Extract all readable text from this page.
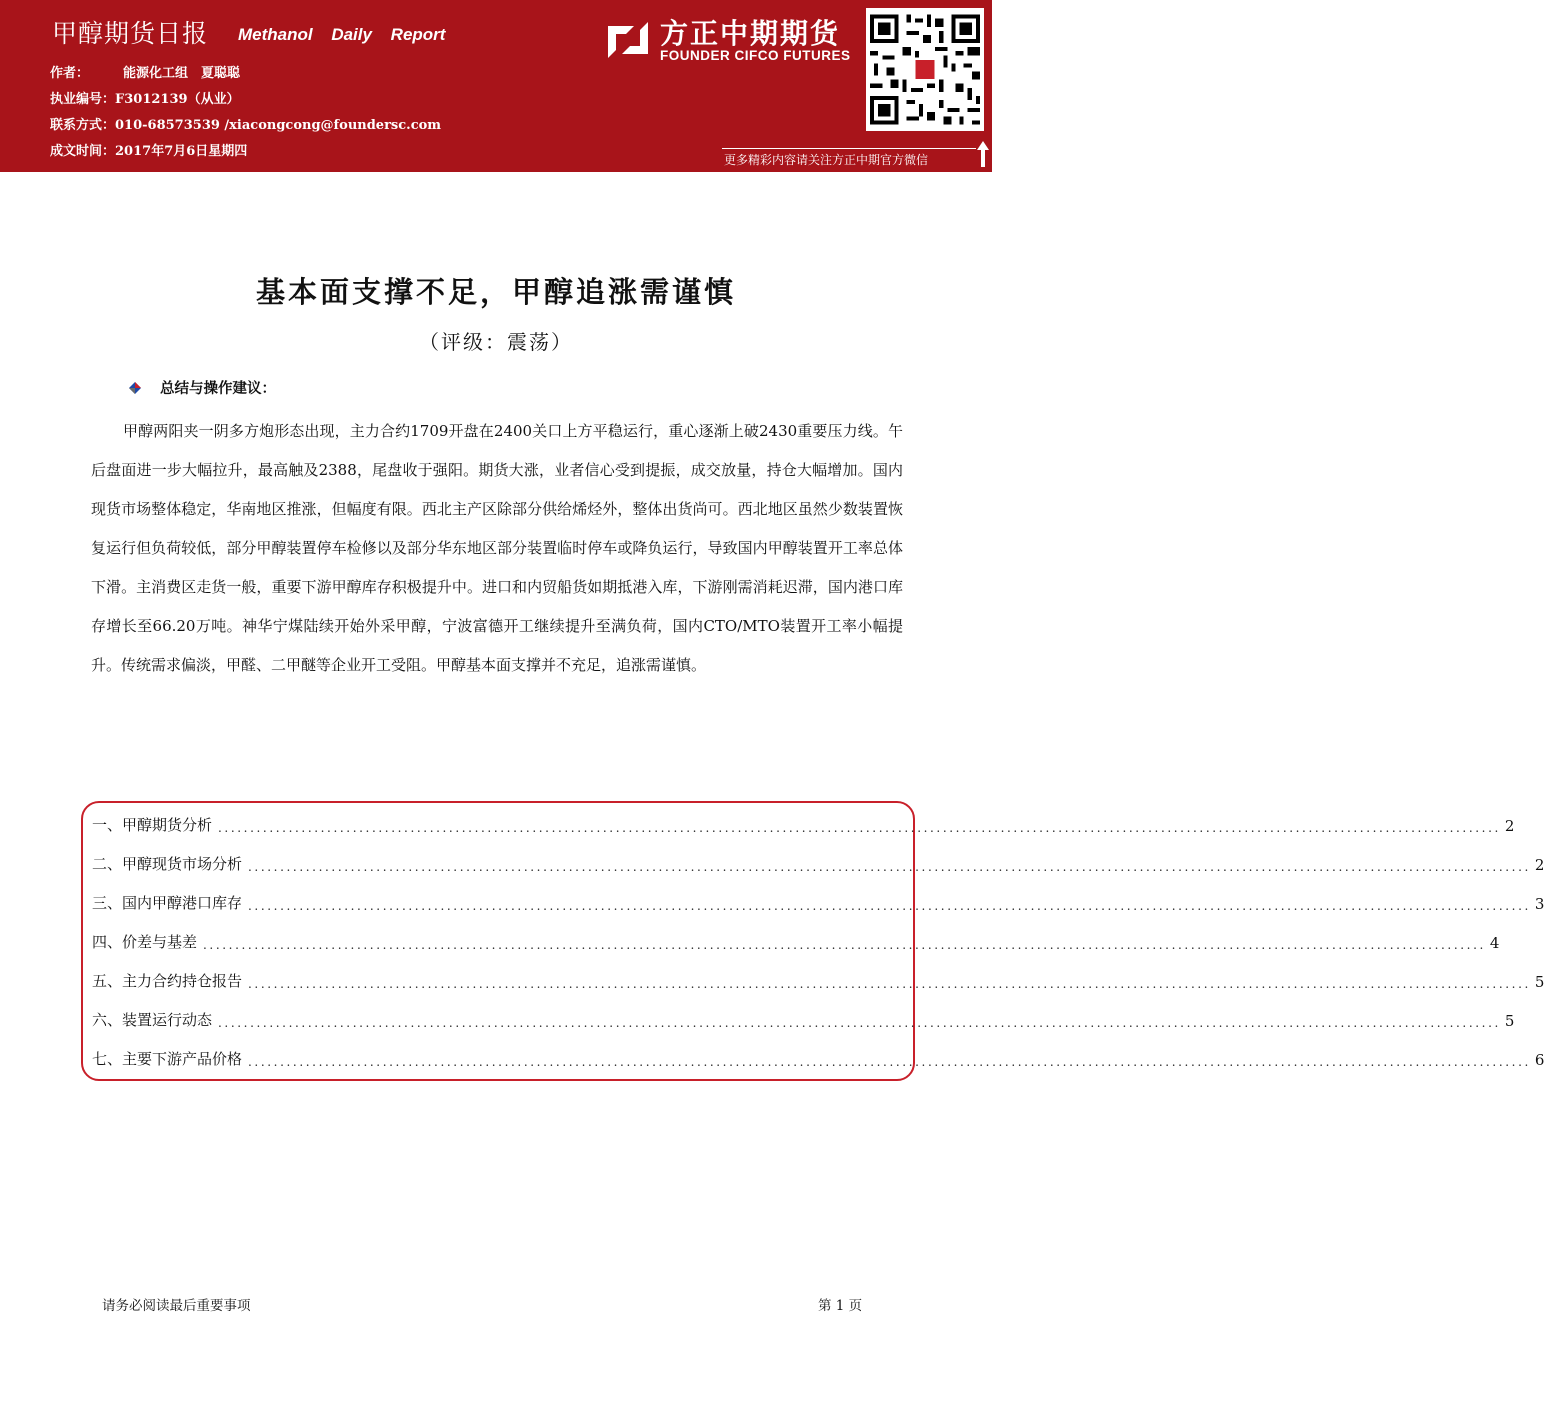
甲醇期货日报 Methanol Daily Report
作者：	能源化工组　夏聪聪
执业编号：F3012139（从业）
联系方式：010-68573539 /xiacongcong@foundersc.com
成文时间：2017年7月6日星期四
方正中期期货
FOUNDER CIFCO FUTURES
更多精彩内容请关注方正中期官方微信
基本面支撑不足，甲醇追涨需谨慎
（评级：震荡）
总结与操作建议：

甲醇两阳夹一阴多方炮形态出现，主力合约1709开盘在2400关口上方平稳运行，重心逐渐上破2430重要压力线。午后盘面进一步大幅拉升，最高触及2388，尾盘收于强阳。期货大涨，业者信心受到提振，成交放量，持仓大幅增加。国内现货市场整体稳定，华南地区推涨，但幅度有限。西北主产区除部分供给烯烃外，整体出货尚可。西北地区虽然少数装置恢复运行但负荷较低，部分甲醇装置停车检修以及部分华东地区部分装置临时停车或降负运行，导致国内甲醇装置开工率总体下滑。主消费区走货一般，重要下游甲醇库存积极提升中。进口和内贸船货如期抵港入库，下游刚需消耗迟滞，国内港口库存增长至66.20万吨。神华宁煤陆续开始外采甲醇，宁波富德开工继续提升至满负荷，国内CTO/MTO装置开工率小幅提升。传统需求偏淡，甲醛、二甲醚等企业开工受阻。甲醇基本面支撑并不充足，追涨需谨慎。

一、甲醇期货分析 ........................................................................................................................................................................................................ 2
二、甲醇现货市场分析 ........................................................................................................................................................................................................ 2
三、国内甲醇港口库存 ........................................................................................................................................................................................................ 3
四、价差与基差 ........................................................................................................................................................................................................ 4
五、主力合约持仓报告 ........................................................................................................................................................................................................ 5
六、装置运行动态 ........................................................................................................................................................................................................ 5
七、主要下游产品价格 ........................................................................................................................................................................................................ 6
请务必阅读最后重要事项	第 1 页
